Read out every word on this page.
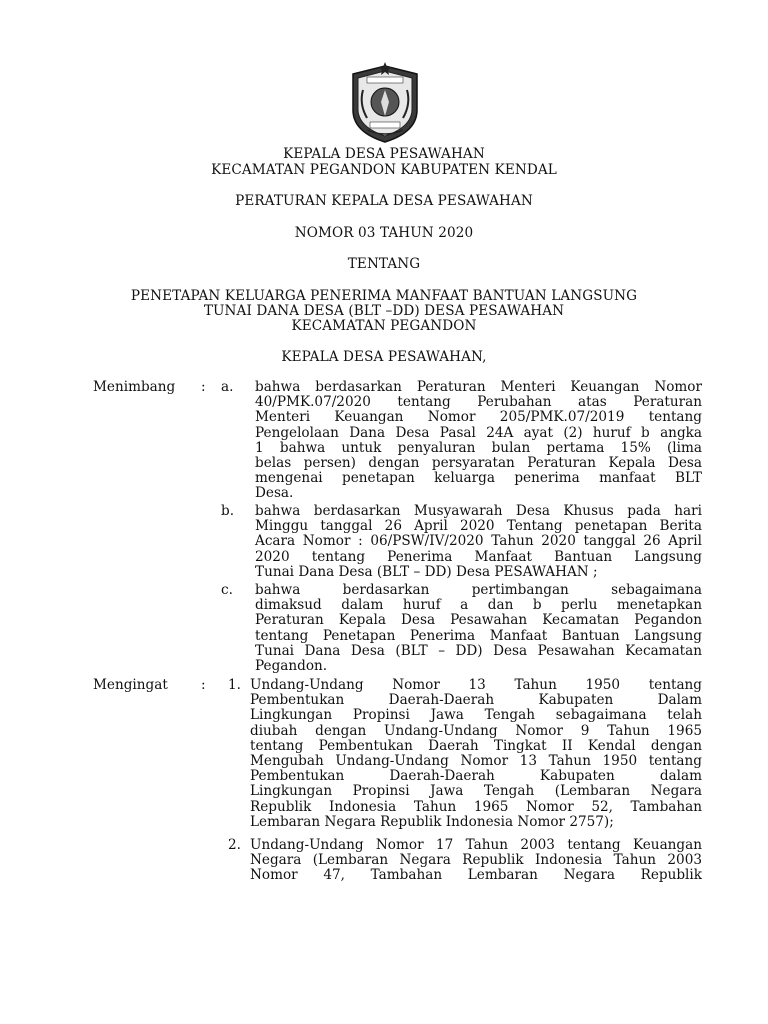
KEPALA DESA PESAWAHAN
KECAMATAN PEGANDON KABUPATEN KENDAL
PERATURAN KEPALA DESA PESAWAHAN
NOMOR 03 TAHUN 2020
TENTANG
PENETAPAN KELUARGA PENERIMA MANFAAT BANTUAN LANGSUNG
TUNAI DANA DESA (BLT –DD) DESA PESAWAHAN
KECAMATAN PEGANDON
KEPALA DESA PESAWAHAN,
Menimbang : a. bahwa berdasarkan Peraturan Menteri Keuangan Nomor
40/PMK.07/2020 tentang Perubahan atas Peraturan
Menteri Keuangan Nomor 205/PMK.07/2019 tentang
Pengelolaan Dana Desa Pasal 24A ayat (2) huruf b angka
1 bahwa untuk penyaluran bulan pertama 15% (lima
belas persen) dengan persyaratan Peraturan Kepala Desa
mengenai penetapan keluarga penerima manfaat BLT
Desa.
b. bahwa berdasarkan Musyawarah Desa Khusus pada hari
Minggu tanggal 26 April 2020 Tentang penetapan Berita
Acara Nomor : 06/PSW/IV/2020 Tahun 2020 tanggal 26 April
2020 tentang Penerima Manfaat Bantuan Langsung
Tunai Dana Desa (BLT – DD) Desa PESAWAHAN ;
c. bahwa berdasarkan pertimbangan sebagaimana
dimaksud dalam huruf a dan b perlu menetapkan
Peraturan Kepala Desa Pesawahan Kecamatan Pegandon
tentang Penetapan Penerima Manfaat Bantuan Langsung
Tunai Dana Desa (BLT – DD) Desa Pesawahan Kecamatan
Pegandon.
Mengingat : 1. Undang-Undang Nomor 13 Tahun 1950 tentang
Pembentukan Daerah-Daerah Kabupaten Dalam
Lingkungan Propinsi Jawa Tengah sebagaimana telah
diubah dengan Undang-Undang Nomor 9 Tahun 1965
tentang Pembentukan Daerah Tingkat II Kendal dengan
Mengubah Undang-Undang Nomor 13 Tahun 1950 tentang
Pembentukan Daerah-Daerah Kabupaten dalam
Lingkungan Propinsi Jawa Tengah (Lembaran Negara
Republik Indonesia Tahun 1965 Nomor 52, Tambahan
Lembaran Negara Republik Indonesia Nomor 2757);
2. Undang-Undang Nomor 17 Tahun 2003 tentang Keuangan
Negara (Lembaran Negara Republik Indonesia Tahun 2003
Nomor 47, Tambahan Lembaran Negara Republik
